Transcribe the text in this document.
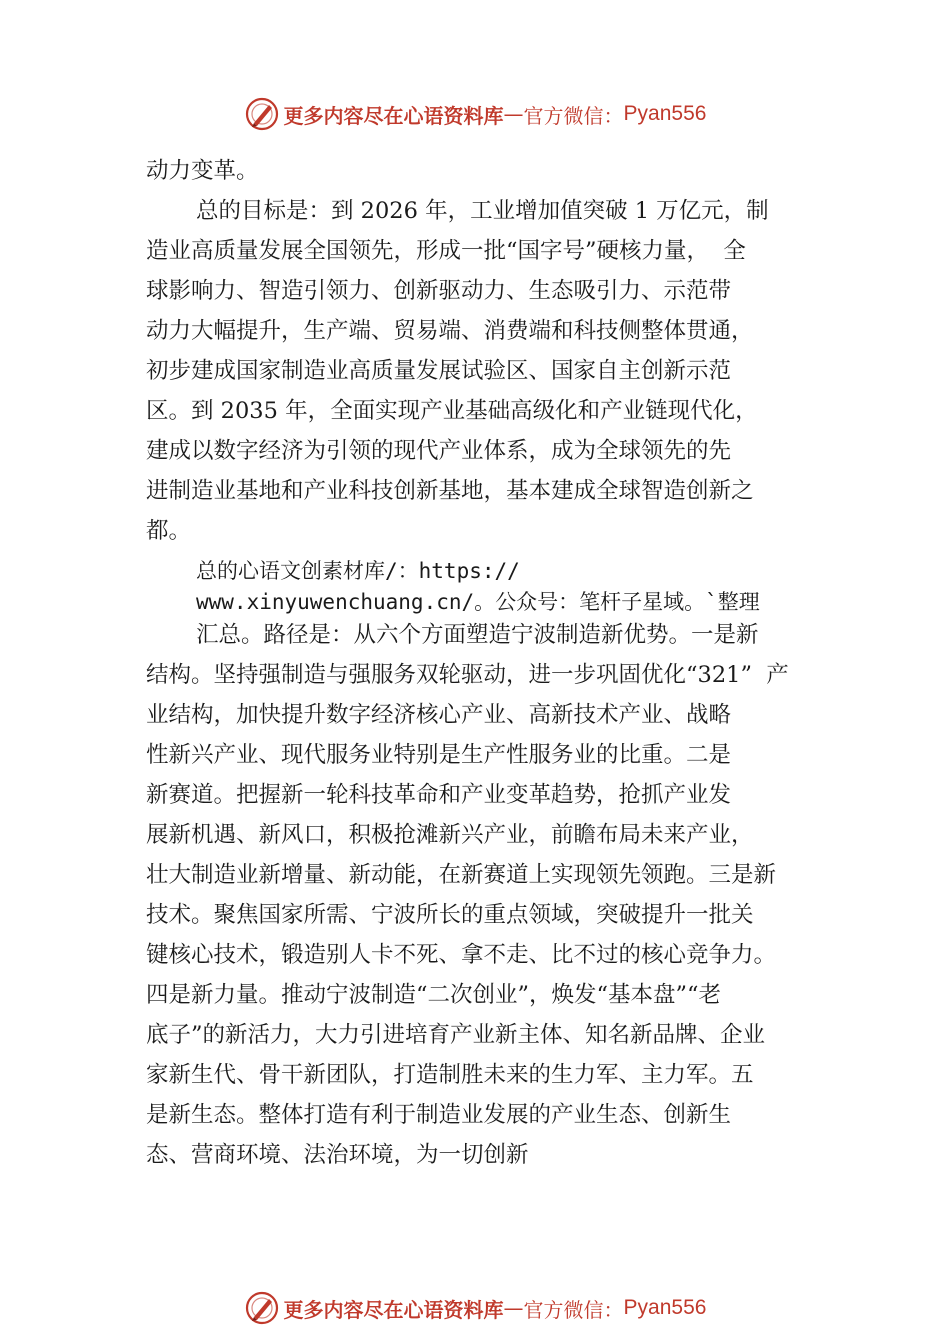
更多内容尽在心语资料库 — 官方微信： Pyan556
动力变革。
总的目标是：到 2026 年，工业增加值突破 1 万亿元，制
造业高质量发展全国领先，形成一批“国字号”硬核力量，  全
球影响力、智造引领力、创新驱动力、生态吸引力、示范带
动力大幅提升，生产端、贸易端、消费端和科技侧整体贯通，
初步建成国家制造业高质量发展试验区、国家自主创新示范
区。到 2035 年，全面实现产业基础高级化和产业链现代化，
建成以数字经济为引领的现代产业体系，成为全球领先的先
进制造业基地和产业科技创新基地，基本建成全球智造创新之
都。
总的心语文创素材库/：https://
www.xinyuwenchuang.cn/。公众号：笔杆子星域。`整理
汇总。路径是：从六个方面塑造宁波制造新优势。一是新
结构。坚持强制造与强服务双轮驱动，进一步巩固优化“321”  产
业结构，加快提升数字经济核心产业、高新技术产业、战略
性新兴产业、现代服务业特别是生产性服务业的比重。二是
新赛道。把握新一轮科技革命和产业变革趋势，抢抓产业发
展新机遇、新风口，积极抢滩新兴产业，前瞻布局未来产业，
壮大制造业新增量、新动能，在新赛道上实现领先领跑。三是新
技术。聚焦国家所需、宁波所长的重点领域，突破提升一批关
键核心技术，锻造别人卡不死、拿不走、比不过的核心竞争力。
四是新力量。推动宁波制造“二次创业”，焕发“基本盘”“老
底子”的新活力，大力引进培育产业新主体、知名新品牌、企业
家新生代、骨干新团队，打造制胜未来的生力军、主力军。五
是新生态。整体打造有利于制造业发展的产业生态、创新生
态、营商环境、法治环境，为一切创新
更多内容尽在心语资料库 — 官方微信： Pyan556
